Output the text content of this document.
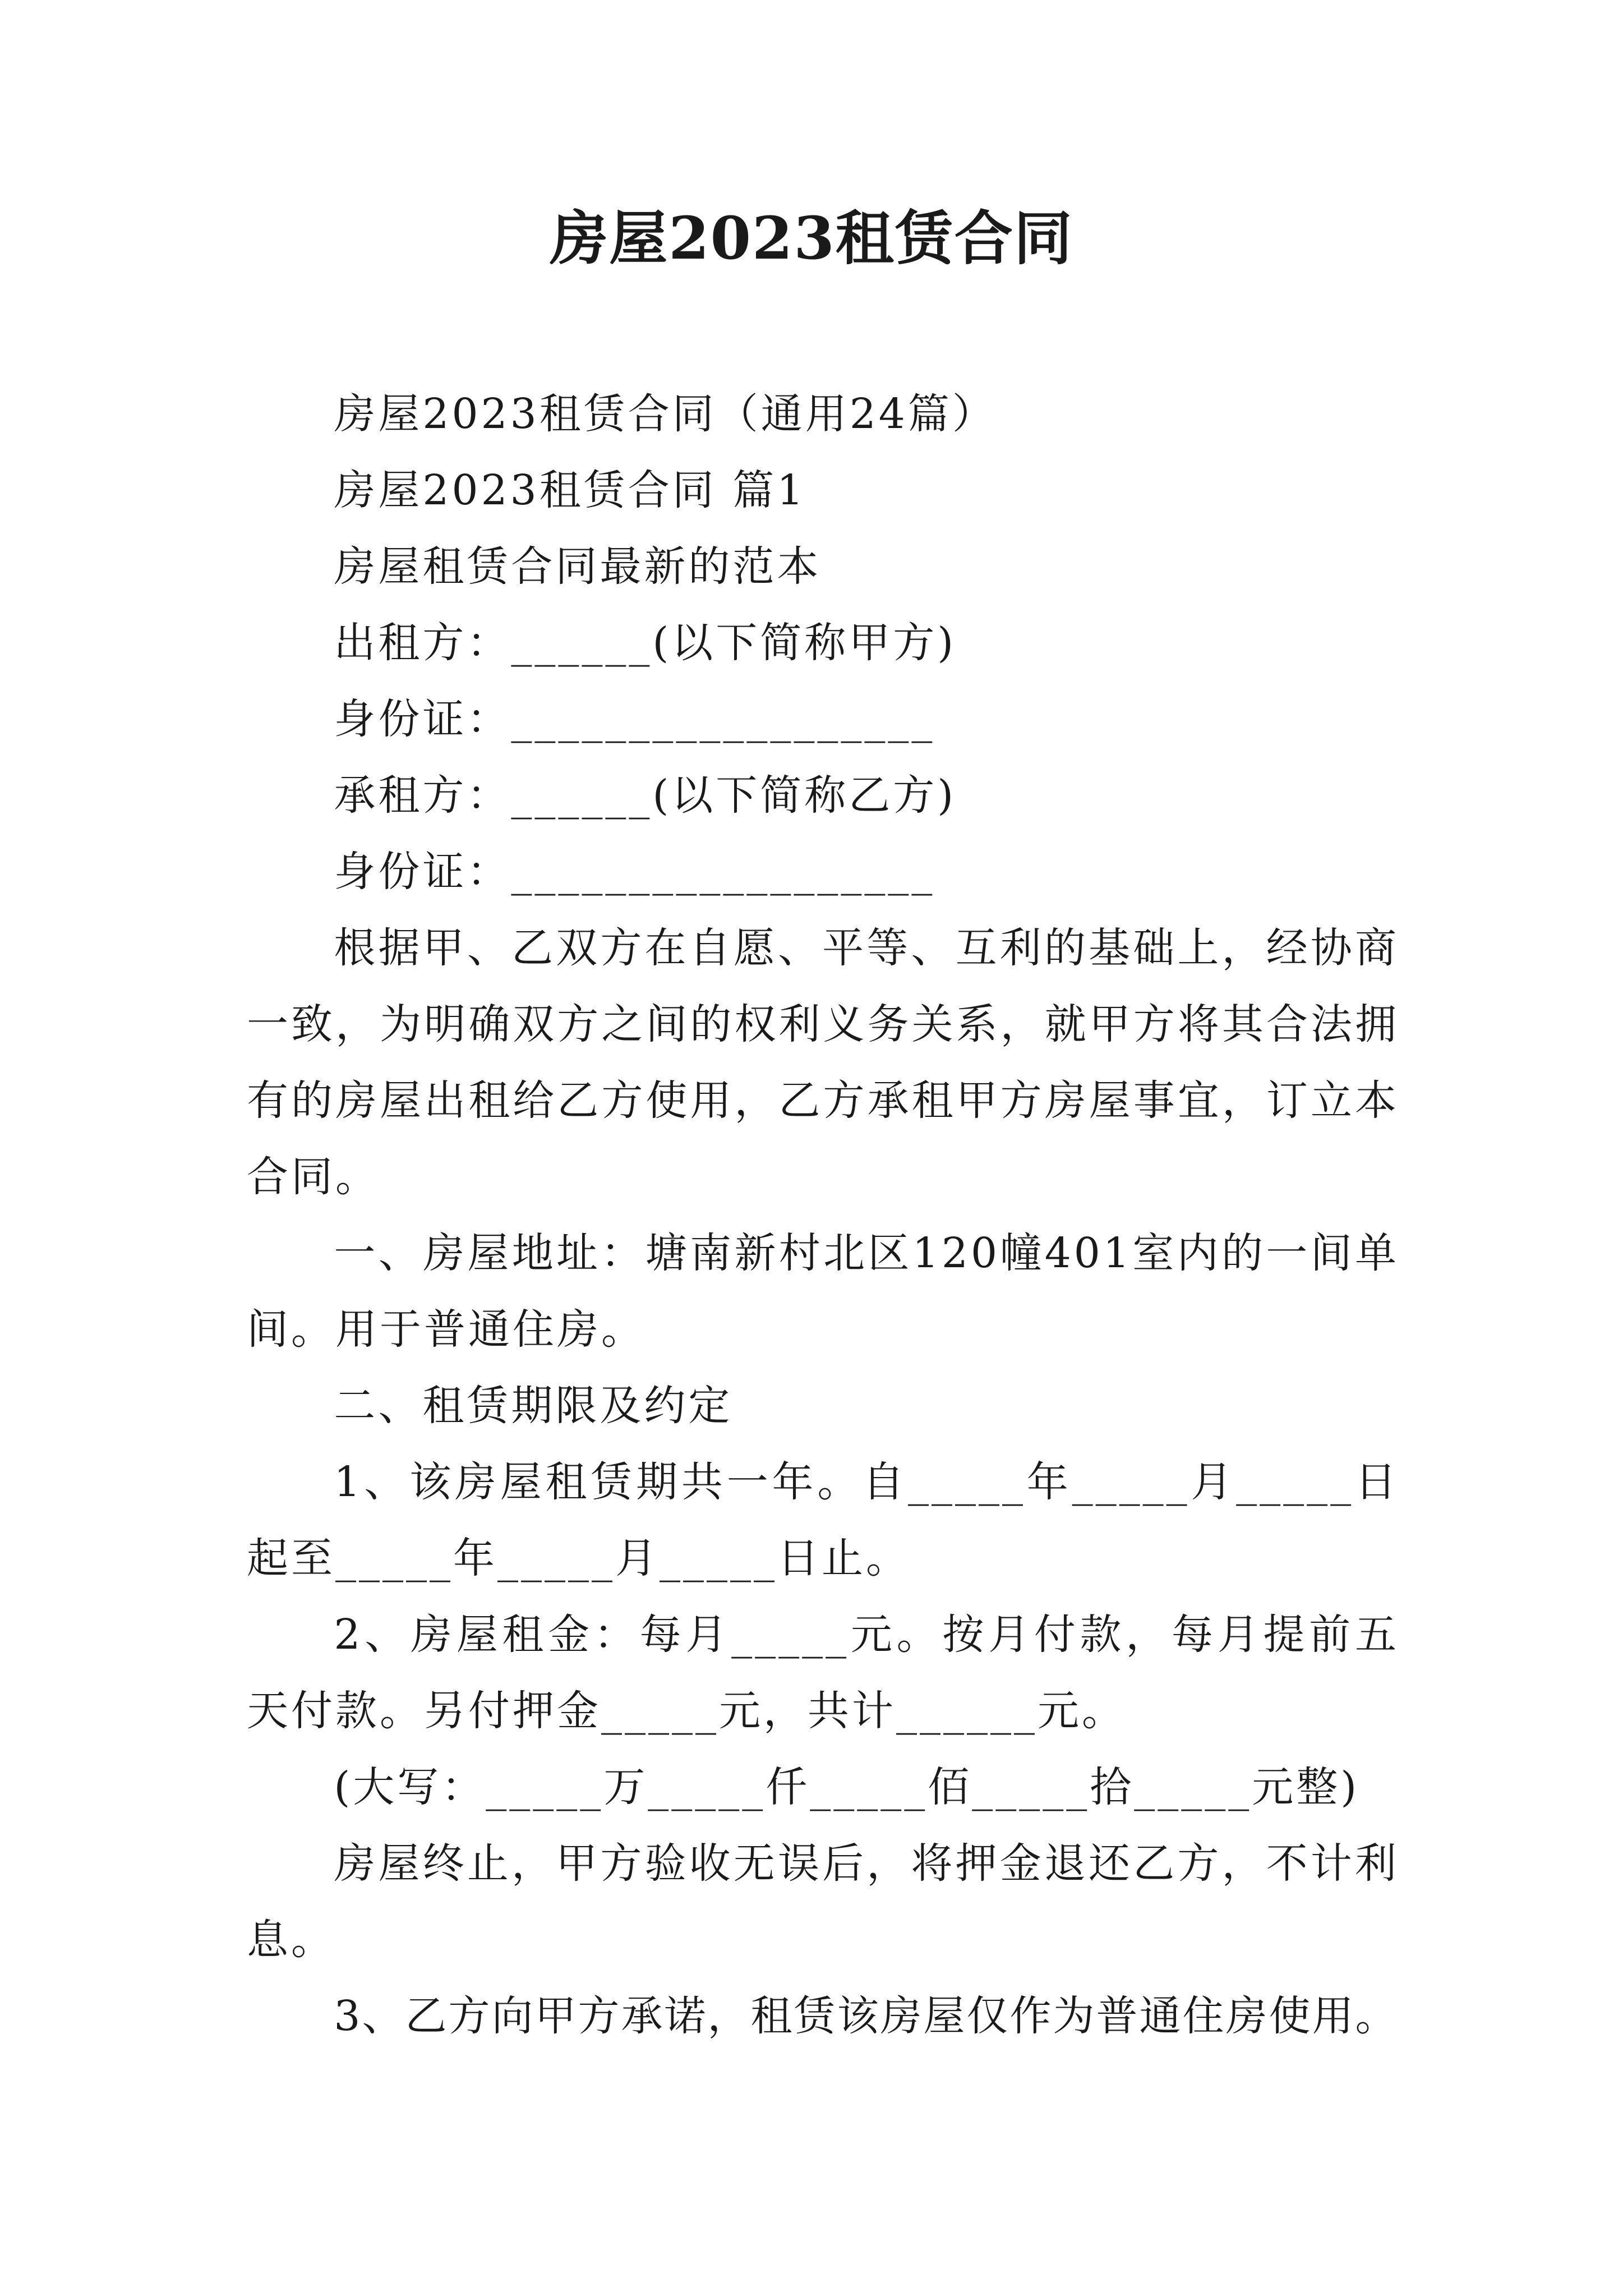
房屋2023租赁合同

房屋2023租赁合同（通用24篇）

房屋2023租赁合同 篇1

房屋租赁合同最新的范本

出租方：______(以下简称甲方)

身份证：__________________

承租方：______(以下简称乙方)

身份证：__________________

根据甲、乙双方在自愿、平等、互利的基础上，经协商一致，为明确双方之间的权利义务关系，就甲方将其合法拥有的房屋出租给乙方使用，乙方承租甲方房屋事宜，订立本合同。

一、房屋地址：塘南新村北区120幢401室内的一间单间。用于普通住房。

二、租赁期限及约定

1、该房屋租赁期共一年。自_____年_____月_____日起至_____年_____月_____日止。

2、房屋租金：每月_____元。按月付款，每月提前五天付款。另付押金_____元，共计______元。

(大写：_____万_____仟_____佰_____拾_____元整)

房屋终止，甲方验收无误后，将押金退还乙方，不计利息。

3、乙方向甲方承诺，租赁该房屋仅作为普通住房使用。
